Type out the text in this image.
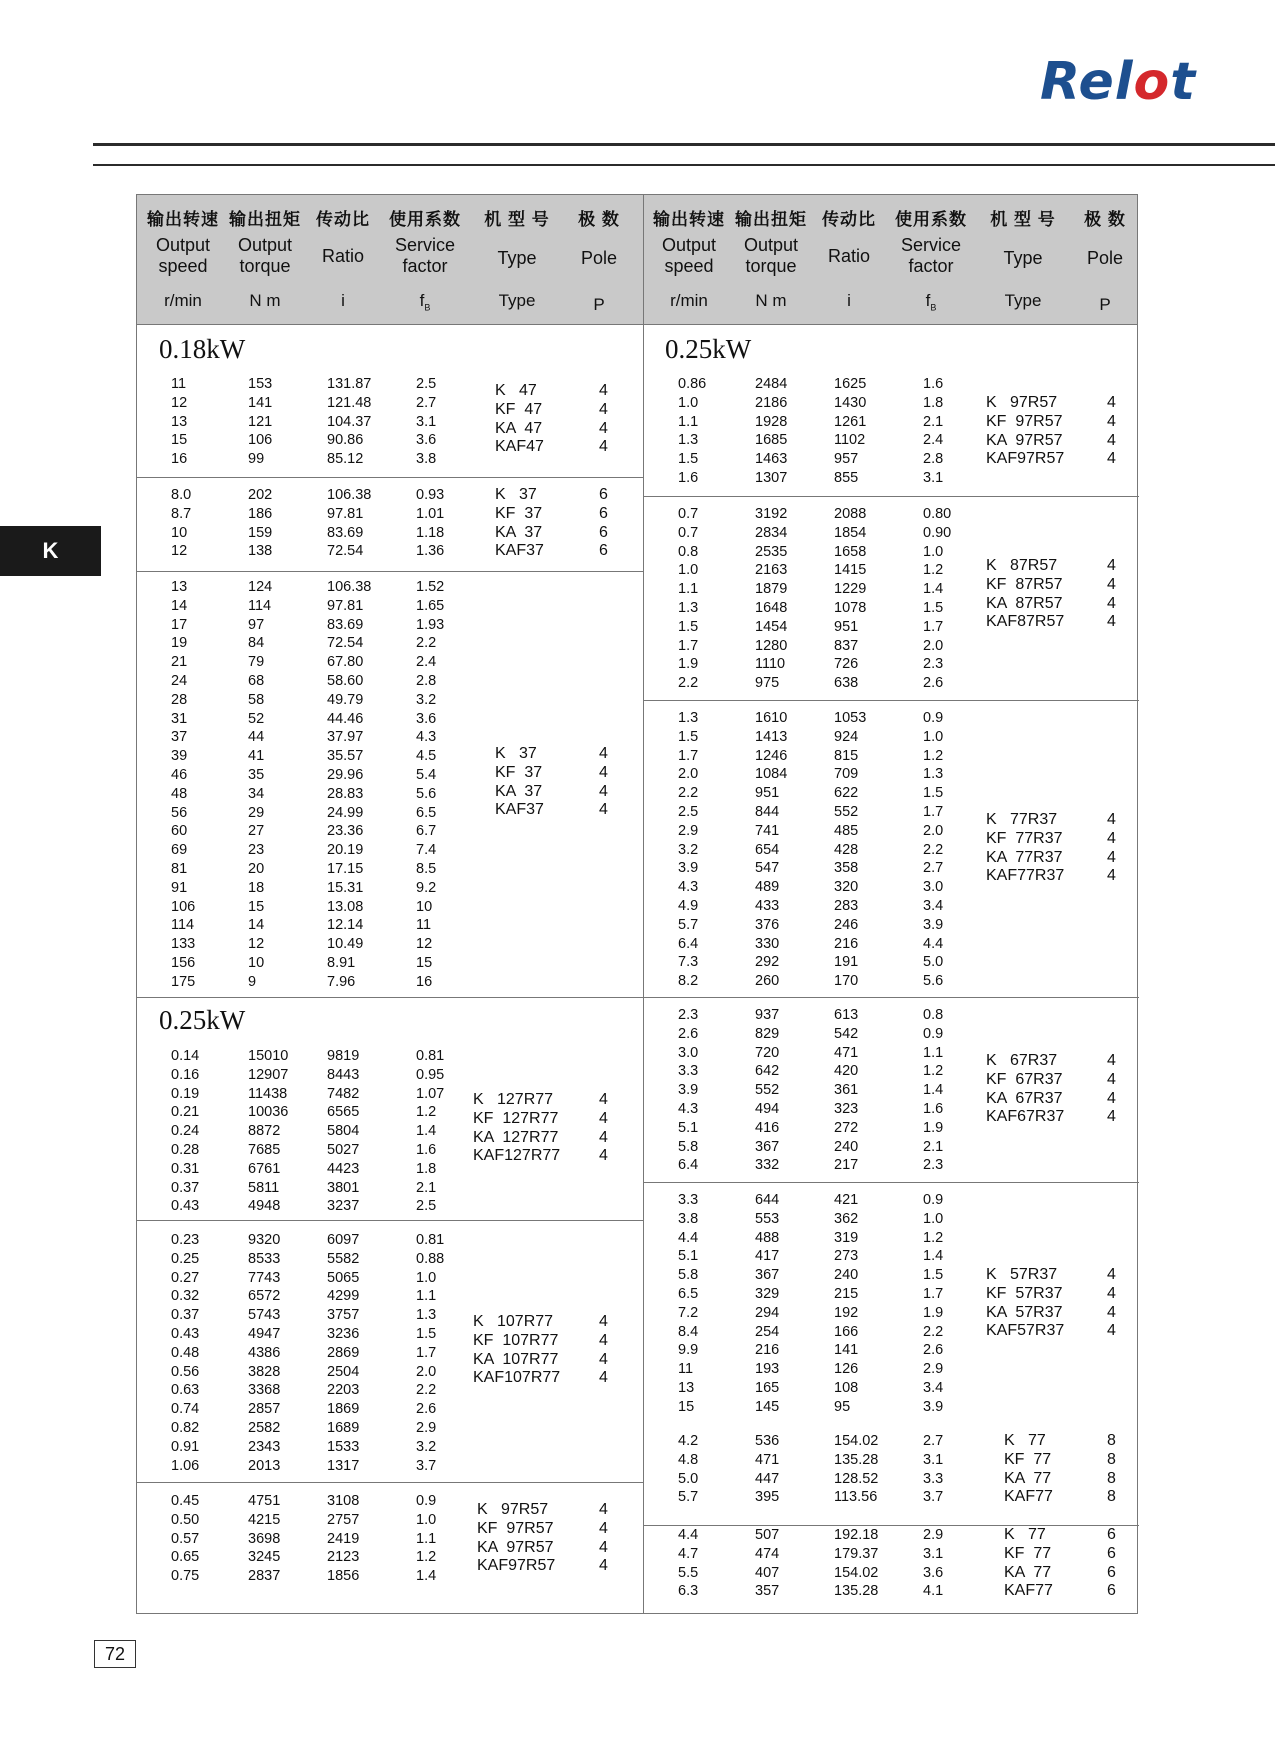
Relot
K
输出转速
Output
speed
r/min
输出扭矩
Output
torque
N m
传动比
Ratio
i
使用系数
Service
factor
$f_B$
机 型 号
Type
Type
极 数
Pole
P
输出转速
Output
speed
r/min
输出扭矩
Output
torque
N m
传动比
Ratio
i
使用系数
Service
factor
$f_B$
机 型 号
Type
Type
极 数
Pole
P
0.18kW
0.25kW
0.25kW
11
12
13
15
16
153
141
121
106
99
131.87
121.48
104.37
90.86
85.12
2.5
2.7
3.1
3.6
3.8
K   47
KF  47
KA  47
KAF47
4
4
4
4
8.0
8.7
10
12
202
186
159
138
106.38
97.81
83.69
72.54
0.93
1.01
1.18
1.36
K   37
KF  37
KA  37
KAF37
6
6
6
6
13
14
17
19
21
24
28
31
37
39
46
48
56
60
69
81
91
106
114
133
156
175
124
114
97
84
79
68
58
52
44
41
35
34
29
27
23
20
18
15
14
12
10
9
106.38
97.81
83.69
72.54
67.80
58.60
49.79
44.46
37.97
35.57
29.96
28.83
24.99
23.36
20.19
17.15
15.31
13.08
12.14
10.49
8.91
7.96
1.52
1.65
1.93
2.2
2.4
2.8
3.2
3.6
4.3
4.5
5.4
5.6
6.5
6.7
7.4
8.5
9.2
10
11
12
15
16
K   37
KF  37
KA  37
KAF37
4
4
4
4
0.14
0.16
0.19
0.21
0.24
0.28
0.31
0.37
0.43
15010
12907
11438
10036
8872
7685
6761
5811
4948
9819
8443
7482
6565
5804
5027
4423
3801
3237
0.81
0.95
1.07
1.2
1.4
1.6
1.8
2.1
2.5
K   127R77
KF  127R77
KA  127R77
KAF127R77
4
4
4
4
0.23
0.25
0.27
0.32
0.37
0.43
0.48
0.56
0.63
0.74
0.82
0.91
1.06
9320
8533
7743
6572
5743
4947
4386
3828
3368
2857
2582
2343
2013
6097
5582
5065
4299
3757
3236
2869
2504
2203
1869
1689
1533
1317
0.81
0.88
1.0
1.1
1.3
1.5
1.7
2.0
2.2
2.6
2.9
3.2
3.7
K   107R77
KF  107R77
KA  107R77
KAF107R77
4
4
4
4
0.45
0.50
0.57
0.65
0.75
4751
4215
3698
3245
2837
3108
2757
2419
2123
1856
0.9
1.0
1.1
1.2
1.4
K   97R57
KF  97R57
KA  97R57
KAF97R57
4
4
4
4
0.86
1.0
1.1
1.3
1.5
1.6
2484
2186
1928
1685
1463
1307
1625
1430
1261
1102
957
855
1.6
1.8
2.1
2.4
2.8
3.1
K   97R57
KF  97R57
KA  97R57
KAF97R57
4
4
4
4
0.7
0.7
0.8
1.0
1.1
1.3
1.5
1.7
1.9
2.2
3192
2834
2535
2163
1879
1648
1454
1280
1110
975
2088
1854
1658
1415
1229
1078
951
837
726
638
0.80
0.90
1.0
1.2
1.4
1.5
1.7
2.0
2.3
2.6
K   87R57
KF  87R57
KA  87R57
KAF87R57
4
4
4
4
1.3
1.5
1.7
2.0
2.2
2.5
2.9
3.2
3.9
4.3
4.9
5.7
6.4
7.3
8.2
1610
1413
1246
1084
951
844
741
654
547
489
433
376
330
292
260
1053
924
815
709
622
552
485
428
358
320
283
246
216
191
170
0.9
1.0
1.2
1.3
1.5
1.7
2.0
2.2
2.7
3.0
3.4
3.9
4.4
5.0
5.6
K   77R37
KF  77R37
KA  77R37
KAF77R37
4
4
4
4
2.3
2.6
3.0
3.3
3.9
4.3
5.1
5.8
6.4
937
829
720
642
552
494
416
367
332
613
542
471
420
361
323
272
240
217
0.8
0.9
1.1
1.2
1.4
1.6
1.9
2.1
2.3
K   67R37
KF  67R37
KA  67R37
KAF67R37
4
4
4
4
3.3
3.8
4.4
5.1
5.8
6.5
7.2
8.4
9.9
11
13
15
644
553
488
417
367
329
294
254
216
193
165
145
421
362
319
273
240
215
192
166
141
126
108
95
0.9
1.0
1.2
1.4
1.5
1.7
1.9
2.2
2.6
2.9
3.4
3.9
K   57R37
KF  57R37
KA  57R37
KAF57R37
4
4
4
4
4.2
4.8
5.0
5.7
536
471
447
395
154.02
135.28
128.52
113.56
2.7
3.1
3.3
3.7
K   77
KF  77
KA  77
KAF77
8
8
8
8
4.4
4.7
5.5
6.3
507
474
407
357
192.18
179.37
154.02
135.28
2.9
3.1
3.6
4.1
K   77
KF  77
KA  77
KAF77
6
6
6
6
72
